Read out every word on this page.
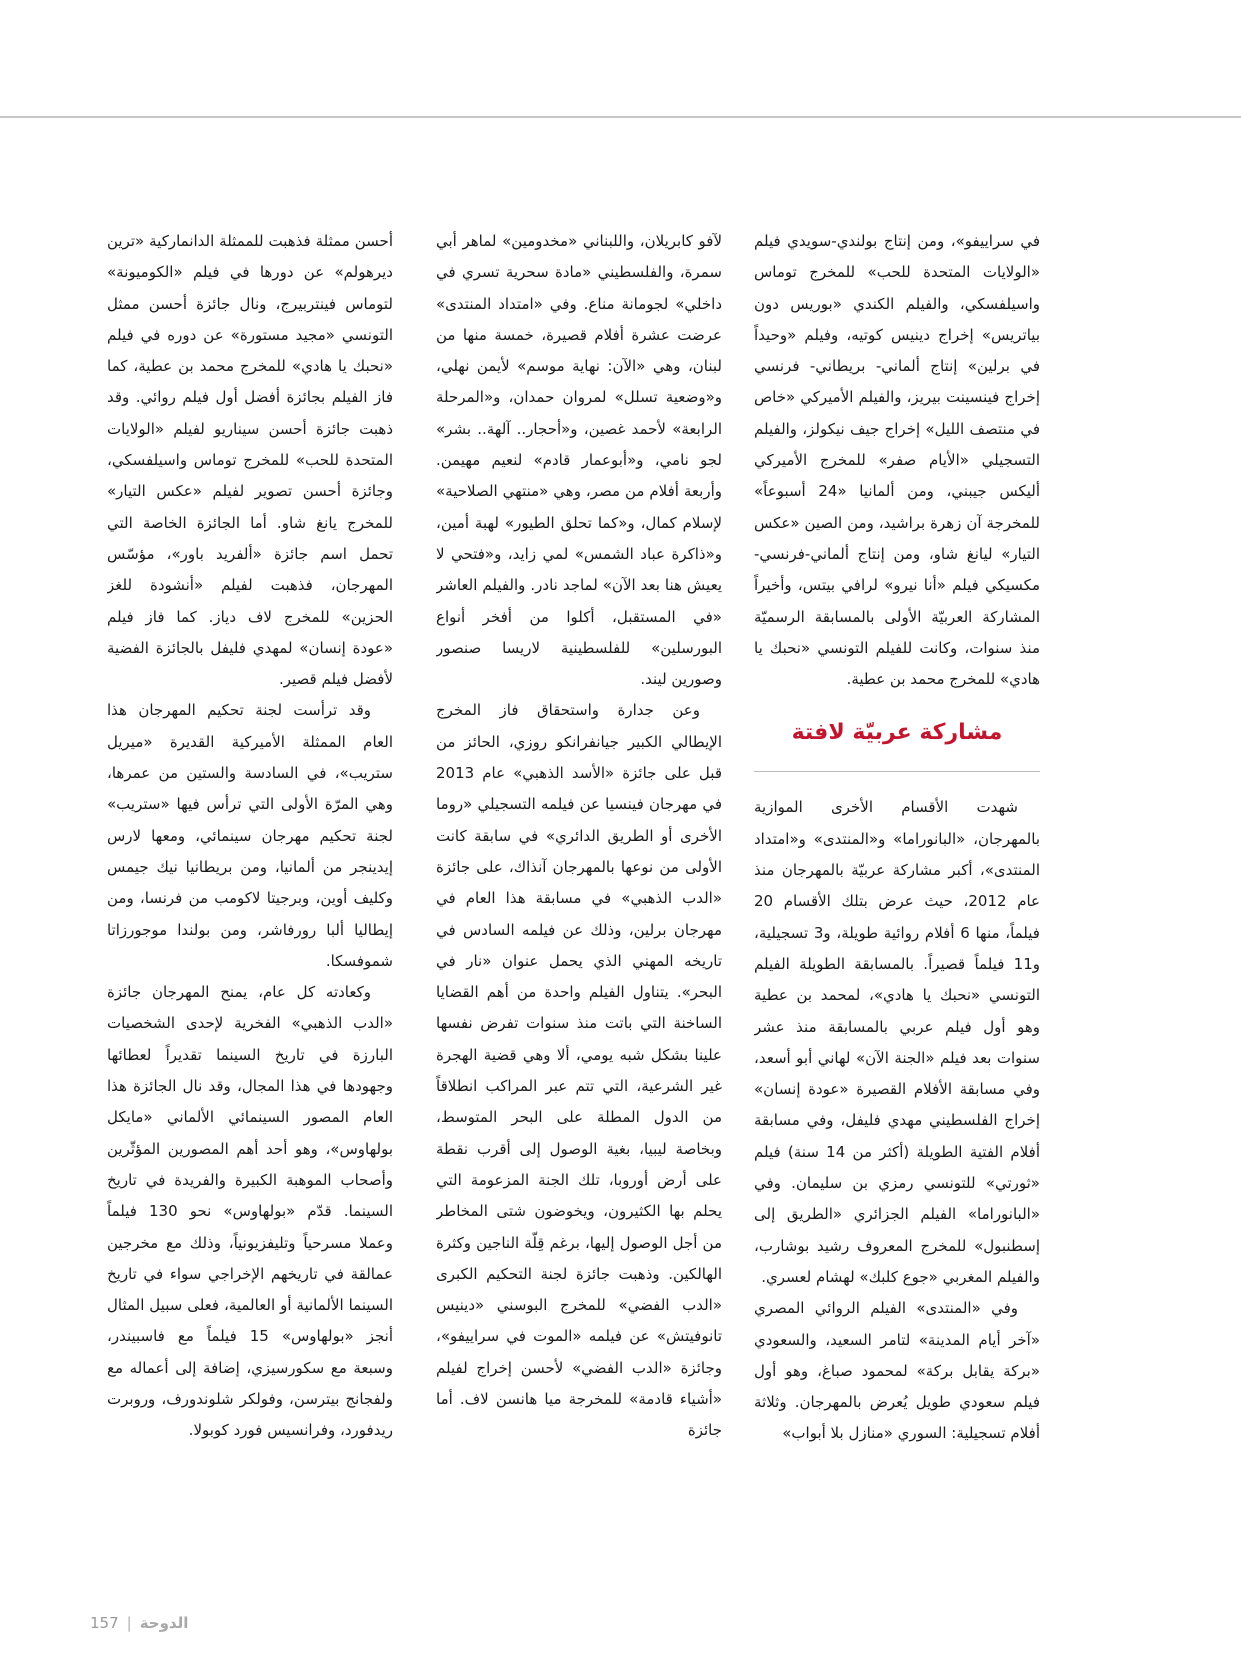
في سراييفو»، ومن إنتاج بولندي-سويدي فيلم «الولايات المتحدة للحب» للمخرج توماس واسيلفسكي، والفيلم الكندي «بوريس دون بياتريس» إخراج دينيس كوتيه، وفيلم «وحيداً في برلين» إنتاج ألماني- بريطاني- فرنسي إخراج فينسينت بيريز، والفيلم الأميركي «خاص في منتصف الليل» إخراج جيف نيكولز، والفيلم التسجيلي «الأيام صفر» للمخرج الأميركي أليكس جيبني، ومن ألمانيا «24 أسبوعاً» للمخرجة آن زهرة براشيد، ومن الصين «عكس التيار» ليانغ شاو، ومن إنتاج ألماني-فرنسي- مكسيكي فيلم «أنا نيرو» لرافي بيتس، وأخيراً المشاركة العربيّة الأولى بالمسابقة الرسميّة منذ سنوات، وكانت للفيلم التونسي «نحبك يا هادي» للمخرج محمد بن عطية.

مشاركة عربيّة لافتة

شهدت الأقسام الأخرى الموازية بالمهرجان، «البانوراما» و«المنتدى» و«امتداد المنتدى»، أكبر مشاركة عربيّة بالمهرجان منذ عام 2012، حيث عرض بتلك الأقسام 20 فيلماً، منها 6 أفلام روائية طويلة، و3 تسجيلية، و11 فيلماً قصيراً. بالمسابقة الطويلة الفيلم التونسي «نحبك يا هادي»، لمحمد بن عطية وهو أول فيلم عربي بالمسابقة منذ عشر سنوات بعد فيلم «الجنة الآن» لهاني أبو أسعد، وفي مسابقة الأفلام القصيرة «عودة إنسان» إخراج الفلسطيني مهدي فليفل، وفي مسابقة أفلام الفتية الطويلة (أكثر من 14 سنة) فيلم «ثورتي» للتونسي رمزي بن سليمان. وفي «البانوراما» الفيلم الجزائري «الطريق إلى إسطنبول» للمخرج المعروف رشيد بوشارب، والفيلم المغربي «جوع كلبك» لهشام لعسري.

وفي «المنتدى» الفيلم الروائي المصري «آخر أيام المدينة» لتامر السعيد، والسعودي «بركة يقابل بركة» لمحمود صباغ، وهو أول فيلم سعودي طويل يُعرض بالمهرجان. وثلاثة أفلام تسجيلية: السوري «منازل بلا أبواب»

لآفو كابريلان، واللبناني «مخدومين» لماهر أبي سمرة، والفلسطيني «مادة سحرية تسري في داخلي» لجومانة مناع. وفي «امتداد المنتدى» عرضت عشرة أفلام قصيرة، خمسة منها من لبنان، وهي «الآن: نهاية موسم» لأيمن نهلي، و«وضعية تسلل» لمروان حمدان، و«المرحلة الرابعة» لأحمد غصين، و«أحجار.. آلهة.. بشر» لجو نامي، و«أبوعمار قادم» لنعيم مهيمن. وأربعة أفلام من مصر، وهي «منتهي الصلاحية» لإسلام كمال، و«كما تحلق الطيور» لهبة أمين، و«ذاكرة عباد الشمس» لمي زايد، و«فتحي لا يعيش هنا بعد الآن» لماجد نادر. والفيلم العاشر «في المستقبل، أكلوا من أفخر أنواع البورسلين» للفلسطينية لاريسا صنصور وصورين ليند.

وعن جدارة واستحقاق فاز المخرج الإيطالي الكبير جيانفرانكو روزي، الحائز من قبل على جائزة «الأسد الذهبي» عام 2013 في مهرجان فينسيا عن فيلمه التسجيلي «روما الأخرى أو الطريق الدائري» في سابقة كانت الأولى من نوعها بالمهرجان آنذاك، على جائزة «الدب الذهبي» في مسابقة هذا العام في مهرجان برلين، وذلك عن فيلمه السادس في تاريخه المهني الذي يحمل عنوان «نار في البحر». يتناول الفيلم واحدة من أهم القضايا الساخنة التي باتت منذ سنوات تفرض نفسها علينا بشكل شبه يومي، ألا وهي قضية الهجرة غير الشرعية، التي تتم عبر المراكب انطلاقاً من الدول المطلة على البحر المتوسط، وبخاصة ليبيا، بغية الوصول إلى أقرب نقطة على أرض أوروبا، تلك الجنة المزعومة التي يحلم بها الكثيرون، ويخوضون شتى المخاطر من أجل الوصول إليها، برغم قِلّة الناجين وكثرة الهالكين. وذهبت جائزة لجنة التحكيم الكبرى «الدب الفضي» للمخرج البوسني «دينيس تانوفيتش» عن فيلمه «الموت في سراييفو»، وجائزة «الدب الفضي» لأحسن إخراج لفيلم «أشياء قادمة» للمخرجة ميا هانسن لاف. أما جائزة

أحسن ممثلة فذهبت للممثلة الدانماركية «ترين ديرهولم» عن دورها في فيلم «الكوميونة» لتوماس فينتربيرج، ونال جائزة أحسن ممثل التونسي «مجيد مستورة» عن دوره في فيلم «نحبك يا هادي» للمخرج محمد بن عطية، كما فاز الفيلم بجائزة أفضل أول فيلم روائي. وقد ذهبت جائزة أحسن سيناريو لفيلم «الولايات المتحدة للحب» للمخرج توماس واسيلفسكي، وجائزة أحسن تصوير لفيلم «عكس التيار» للمخرج يانغ شاو. أما الجائزة الخاصة التي تحمل اسم جائزة «ألفريد باور»، مؤسّس المهرجان، فذهبت لفيلم «أنشودة للغز الحزين» للمخرج لاف دياز. كما فاز فيلم «عودة إنسان» لمهدي فليفل بالجائزة الفضية لأفضل فيلم قصير.

وقد ترأست لجنة تحكيم المهرجان هذا العام الممثلة الأميركية القديرة «ميريل ستريب»، في السادسة والستين من عمرها، وهي المرّة الأولى التي ترأس فيها «ستريب» لجنة تحكيم مهرجان سينمائي، ومعها لارس إيدينجر من ألمانيا، ومن بريطانيا نيك جيمس وكليف أوين، وبرجيتا لاكومب من فرنسا، ومن إيطاليا ألبا رورفاشر، ومن بولندا موجورزاتا شموفسكا.

وكعادته كل عام، يمنح المهرجان جائزة «الدب الذهبي» الفخرية لإحدى الشخصيات البارزة في تاريخ السينما تقديراً لعطائها وجهودها في هذا المجال، وقد نال الجائزة هذا العام المصور السينمائي الألماني «مايكل بولهاوس»، وهو أحد أهم المصورين المؤثّرين وأصحاب الموهبة الكبيرة والفريدة في تاريخ السينما. قدّم «بولهاوس» نحو 130 فيلماً وعملا مسرحياً وتليفزيونياً، وذلك مع مخرجين عمالقة في تاريخهم الإخراجي سواء في تاريخ السينما الألمانية أو العالمية، فعلى سبيل المثال أنجز «بولهاوس» 15 فيلماً مع فاسبيندر، وسبعة مع سكورسيزي، إضافة إلى أعماله مع ولفجانج بيترسن، وفولكر شلوندورف، وروبرت ريدفورد، وفرانسيس فورد كوبولا.

157 | الدوحة
